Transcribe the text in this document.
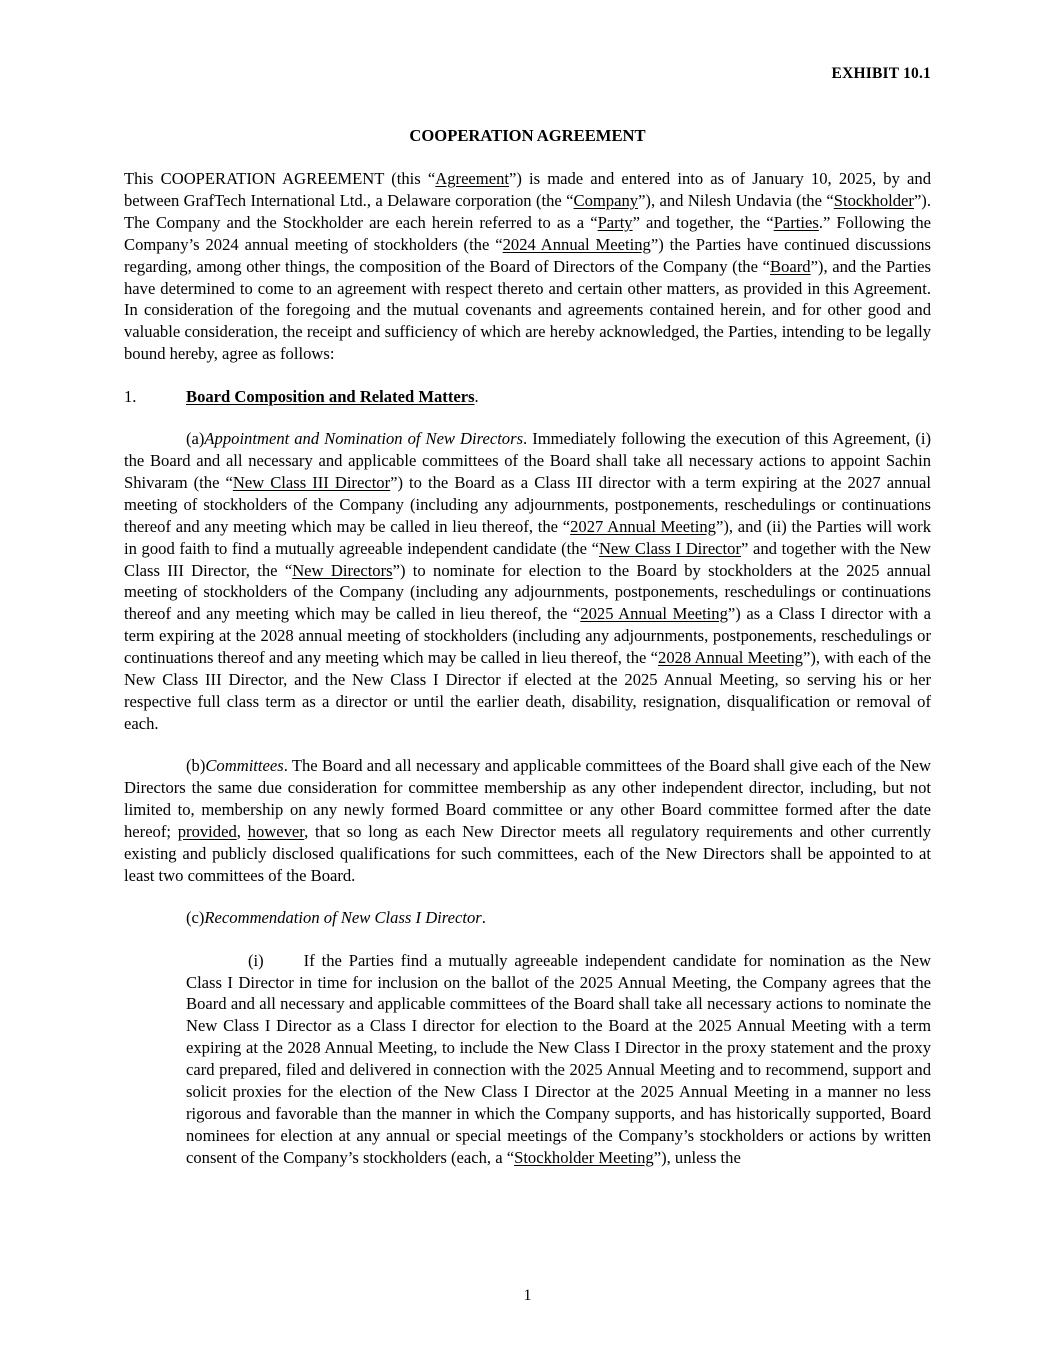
EXHIBIT 10.1
COOPERATION AGREEMENT

This COOPERATION AGREEMENT (this “Agreement”) is made and entered into as of January 10, 2025, by and between GrafTech International Ltd., a Delaware corporation (the “Company”), and Nilesh Undavia (the “Stockholder”). The Company and the Stockholder are each herein referred to as a “Party” and together, the “Parties.” Following the Company’s 2024 annual meeting of stockholders (the “2024 Annual Meeting”) the Parties have continued discussions regarding, among other things, the composition of the Board of Directors of the Company (the “Board”), and the Parties have determined to come to an agreement with respect thereto and certain other matters, as provided in this Agreement. In consideration of the foregoing and the mutual covenants and agreements contained herein, and for other good and valuable consideration, the receipt and sufficiency of which are hereby acknowledged, the Parties, intending to be legally bound hereby, agree as follows:

1.	Board Composition and Related Matters.

(a)Appointment and Nomination of New Directors. Immediately following the execution of this Agreement, (i) the Board and all necessary and applicable committees of the Board shall take all necessary actions to appoint Sachin Shivaram (the “New Class III Director”) to the Board as a Class III director with a term expiring at the 2027 annual meeting of stockholders of the Company (including any adjournments, postponements, reschedulings or continuations thereof and any meeting which may be called in lieu thereof, the “2027 Annual Meeting”), and (ii) the Parties will work in good faith to find a mutually agreeable independent candidate (the “New Class I Director” and together with the New Class III Director, the “New Directors”) to nominate for election to the Board by stockholders at the 2025 annual meeting of stockholders of the Company (including any adjournments, postponements, reschedulings or continuations thereof and any meeting which may be called in lieu thereof, the “2025 Annual Meeting”) as a Class I director with a term expiring at the 2028 annual meeting of stockholders (including any adjournments, postponements, reschedulings or continuations thereof and any meeting which may be called in lieu thereof, the “2028 Annual Meeting”), with each of the New Class III Director, and the New Class I Director if elected at the 2025 Annual Meeting, so serving his or her respective full class term as a director or until the earlier death, disability, resignation, disqualification or removal of each.

(b)Committees. The Board and all necessary and applicable committees of the Board shall give each of the New Directors the same due consideration for committee membership as any other independent director, including, but not limited to, membership on any newly formed Board committee or any other Board committee formed after the date hereof; provided, however, that so long as each New Director meets all regulatory requirements and other currently existing and publicly disclosed qualifications for such committees, each of the New Directors shall be appointed to at least two committees of the Board.

(c)Recommendation of New Class I Director.

(i) If the Parties find a mutually agreeable independent candidate for nomination as the New Class I Director in time for inclusion on the ballot of the 2025 Annual Meeting, the Company agrees that the Board and all necessary and applicable committees of the Board shall take all necessary actions to nominate the New Class I Director as a Class I director for election to the Board at the 2025 Annual Meeting with a term expiring at the 2028 Annual Meeting, to include the New Class I Director in the proxy statement and the proxy card prepared, filed and delivered in connection with the 2025 Annual Meeting and to recommend, support and solicit proxies for the election of the New Class I Director at the 2025 Annual Meeting in a manner no less rigorous and favorable than the manner in which the Company supports, and has historically supported, Board nominees for election at any annual or special meetings of the Company’s stockholders or actions by written consent of the Company’s stockholders (each, a “Stockholder Meeting”), unless the

1
